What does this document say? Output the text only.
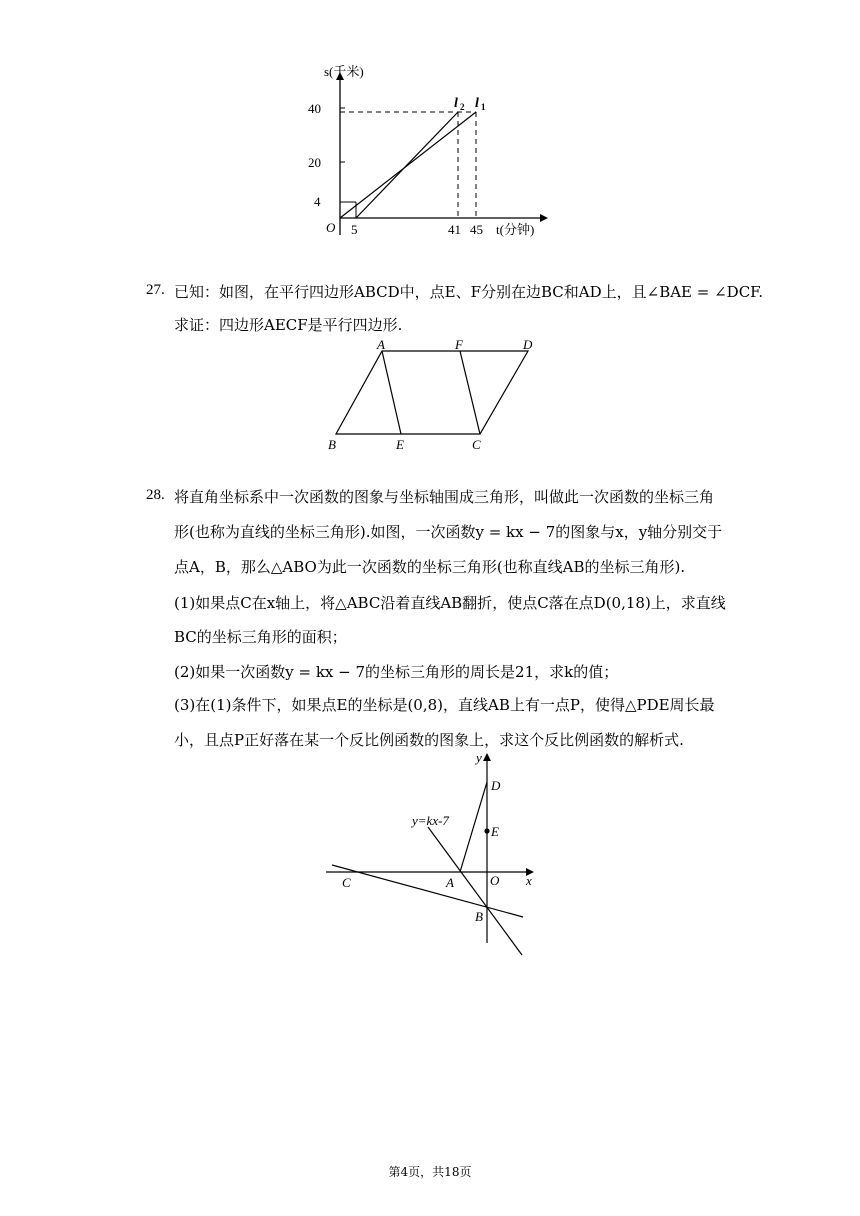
s(千米)
40
20
4
O 5	41 45 t(分钟)
l 2 l 1
27. 已知：如图，在平行四边形ABCD中，点E、F分别在边BC和AD上，且∠BAE = ∠DCF.
求证：四边形AECF是平行四边形.
A	F	D
B	E	C
28. 将直角坐标系中一次函数的图象与坐标轴围成三角形，叫做此一次函数的坐标三角
形(也称为直线的坐标三角形).如图，一次函数y = kx − 7的图象与x，y轴分别交于
点A，B，那么△ABO为此一次函数的坐标三角形(也称直线AB的坐标三角形).
(1)如果点C在x轴上，将△ABC沿着直线AB翻折，使点C落在点D(0,18)上，求直线
BC的坐标三角形的面积；
(2)如果一次函数y = kx − 7的坐标三角形的周长是21，求k的值；
(3)在(1)条件下，如果点E的坐标是(0,8)，直线AB上有一点P，使得△PDE周长最
小，且点P正好落在某一个反比例函数的图象上，求这个反比例函数的解析式.
y
x
D
E
O
A
B
C
y=kx-7
第4页，共18页
